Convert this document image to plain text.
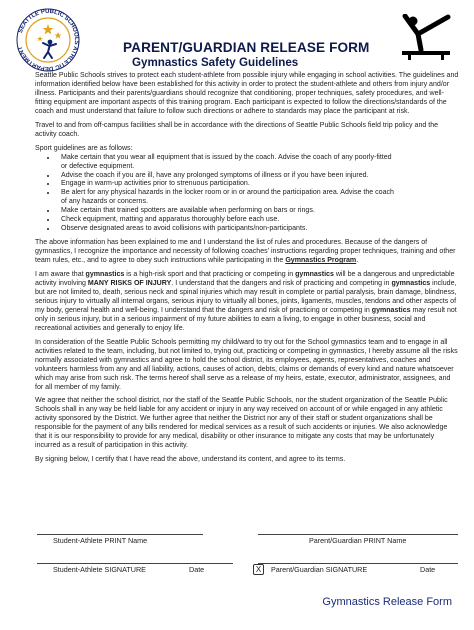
SEATTLE PUBLIC SCHOOLS ATHLETIC DEPARTMENT	PARENT/GUARDIAN RELEASE FORM
Gymnastics Safety Guidelines

Seattle Public Schools strives to protect each student-athlete from possible injury while engaging in school activities. The guidelines and information identified below have been established for this activity in order to protect the student-athlete and others from injury and/or illness. Participants and their parents/guardians should recognize that conditioning, proper techniques, safety procedures, and well-fitting equipment are important aspects of this training program. Each participant is expected to follow the directions/standards of the coach and must understand that failure to follow such directions or adhere to standards may place the participant at risk.

Travel to and from off-campus facilities shall be in accordance with the directions of Seattle Public Schools field trip policy and the activity coach.

Sport guidelines are as follows:

• Make certain that you wear all equipment that is issued by the coach. Advise the coach of any poorly-fitted
or defective equipment.
• Advise the coach if you are ill, have any prolonged symptoms of illness or if you have been injured.
• Engage in warm-up activities prior to strenuous participation.
• Be alert for any physical hazards in the locker room or in or around the participation area. Advise the coach
of any hazards or concerns.
• Make certain that trained spotters are available when performing on bars or rings.
• Check equipment, matting and apparatus thoroughly before each use.
• Observe designated areas to avoid collisions with participants/non-participants.

The above information has been explained to me and I understand the list of rules and procedures. Because of the dangers of gymnastics, I recognize the importance and necessity of following coaches' instructions regarding proper techniques, training and other team rules, etc., and to agree to obey such instructions while participating in the Gymnastics Program.

I am aware that gymnastics is a high-risk sport and that practicing or competing in gymnastics will be a dangerous and unpredictable activity involving MANY RISKS OF INJURY. I understand that the dangers and risk of practicing and competing in gymnastics include, but are not limited to, death, serious neck and spinal injuries which may result in complete or partial paralysis, brain damage, blindness, serious injury to virtually all internal organs, serious injury to virtually all bones, joints, ligaments, muscles, tendons and other aspects of my body, general health and well-being. I understand that the dangers and risk of practicing or competing in gymnastics may result not only in serious injury, but in a serious impairment of my future abilities to earn a living, to engage in other business, social and recreational activities and generally to enjoy life.

In consideration of the Seattle Public Schools permitting my child/ward to try out for the School gymnastics team and to engage in all activities related to the team, including, but not limited to, trying out, practicing or competing in gymnastics, I hereby assume all the risks normally associated with gymnastics and agree to hold the school district, its employees, agents, representatives, coaches and volunteers harmless from any and all liability, actions, causes of action, debts, claims or demands of every kind and nature whatsoever which may arise from such risk. The terms hereof shall serve as a release of my heirs, estate, executor, administrator, assignees, and for all member of my family.

We agree that neither the school district, nor the staff of the Seattle Public Schools, nor the student organization of the Seattle Public Schools shall in any way be held liable for any accident or injury in any way received on account of or while engaged in any athletic activity sponsored by the District. We further agree that neither the District nor any of their staff or student organizations shall be responsible for the payment of any bills rendered for medical services as a result of such accidents or injuries. We also acknowledge that it is our responsibility to provide for any medical, disability or other insurance to mitigate any costs that may be unfortunately incurred as a result of participation in this activity.

By signing below, I certify that I have read the above, understand its content, and agree to its terms.

Student-Athlete PRINT Name	Parent/Guardian PRINT Name
Student-Athlete SIGNATURE	Date	X	Parent/Guardian SIGNATURE	Date
Gymnastics Release Form
